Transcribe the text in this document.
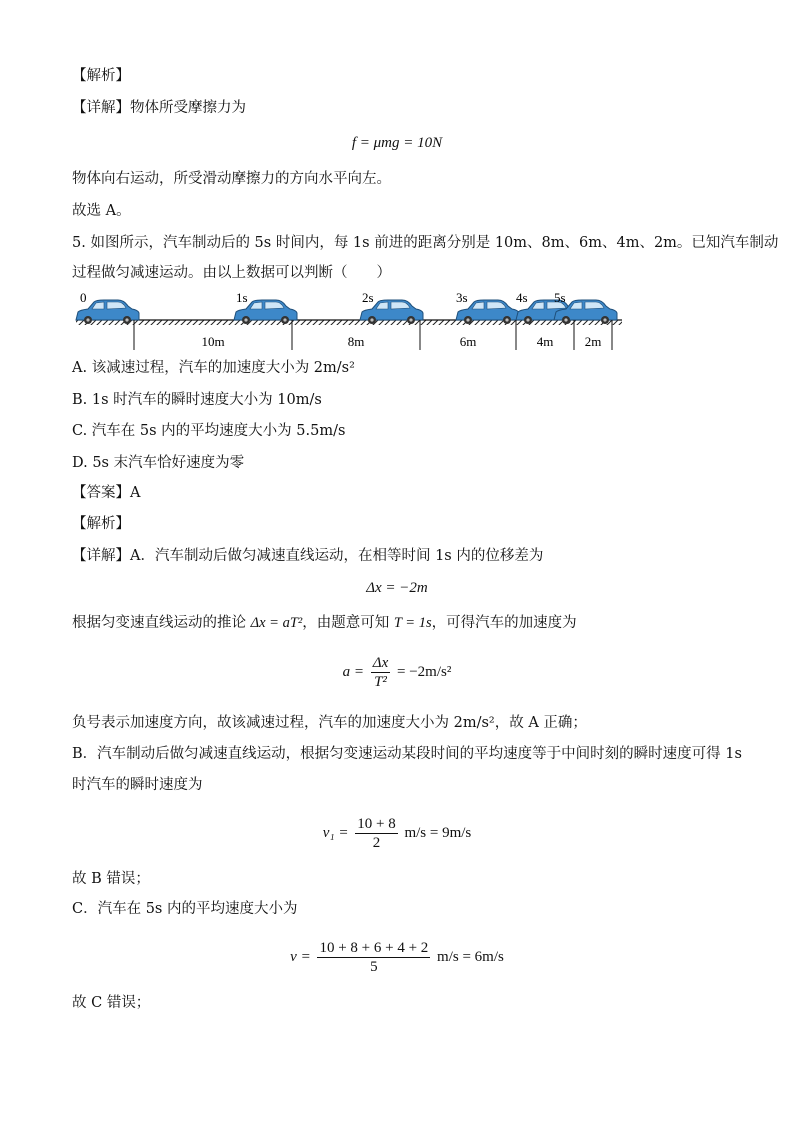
【解析】
【详解】物体所受摩擦力为
f = μmg = 10N
物体向右运动，所受滑动摩擦力的方向水平向左。
故选 A。
5. 如图所示，汽车制动后的 5s 时间内，每 1s 前进的距离分别是 10m、8m、6m、4m、2m。已知汽车制动
过程做匀减速运动。由以上数据可以判断（　　）
0	1s	2s	3s	4s 5s
10m	8m	6m	4m 2m
A. 该减速过程，汽车的加速度大小为 2m/s²
B. 1s 时汽车的瞬时速度大小为 10m/s
C. 汽车在 5s 内的平均速度大小为 5.5m/s
D. 5s 末汽车恰好速度为零
【答案】A
【解析】
【详解】A．汽车制动后做匀减速直线运动，在相等时间 1s 内的位移差为
Δx = −2m
根据匀变速直线运动的推论 Δx = aT²，由题意可知 T = 1s，可得汽车的加速度为
$a = \frac{\Delta x}{\text{T²}} = -2m/s^2$
负号表示加速度方向，故该减速过程，汽车的加速度大小为 2m/s²，故 A 正确；
B．汽车制动后做匀减速直线运动，根据匀变速运动某段时间的平均速度等于中间时刻的瞬时速度可得 1s
时汽车的瞬时速度为
$v_1 = \frac{10 + 8}{2} m/s = 9m/s$
故 B 错误；
C．汽车在 5s 内的平均速度大小为
$v = \frac{10 + 8 + 6 + 4 + 2}{5} m/s = 6m/s$
故 C 错误；
